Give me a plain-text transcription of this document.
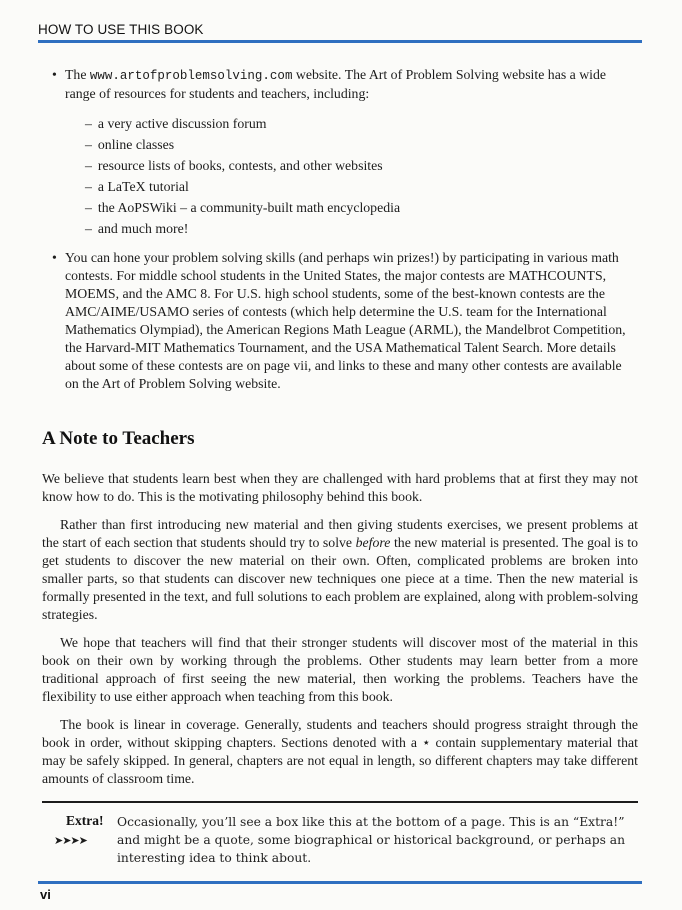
HOW TO USE THIS BOOK
• The www.artofproblemsolving.com website. The Art of Problem Solving website has a wide range of resources for students and teachers, including:
– a very active discussion forum
– online classes
– resource lists of books, contests, and other websites
– a LaTeX tutorial
– the AoPSWiki – a community-built math encyclopedia
– and much more!
• You can hone your problem solving skills (and perhaps win prizes!) by participating in various math contests. For middle school students in the United States, the major contests are MATHCOUNTS, MOEMS, and the AMC 8. For U.S. high school students, some of the best-known contests are the AMC/AIME/USAMO series of contests (which help determine the U.S. team for the International Mathematics Olympiad), the American Regions Math League (ARML), the Mandelbrot Competition, the Harvard-MIT Mathematics Tournament, and the USA Mathematical Talent Search. More details about some of these contests are on page vii, and links to these and many other contests are available on the Art of Problem Solving website.
A Note to Teachers

We believe that students learn best when they are challenged with hard problems that at first they may not know how to do. This is the motivating philosophy behind this book.

Rather than first introducing new material and then giving students exercises, we present problems at the start of each section that students should try to solve before the new material is presented. The goal is to get students to discover the new material on their own. Often, complicated problems are broken into smaller parts, so that students can discover new techniques one piece at a time. Then the new material is formally presented in the text, and full solutions to each problem are explained, along with problem-solving strategies.

We hope that teachers will find that their stronger students will discover most of the material in this book on their own by working through the problems. Other students may learn better from a more traditional approach of first seeing the new material, then working the problems. Teachers have the flexibility to use either approach when teaching from this book.

The book is linear in coverage. Generally, students and teachers should progress straight through the book in order, without skipping chapters. Sections denoted with a ⋆ contain supplementary material that may be safely skipped. In general, chapters are not equal in length, so different chapters may take different amounts of classroom time.

Extra!
➤➤➤➤
Occasionally, you’ll see a box like this at the bottom of a page. This is an “Extra!” and might be a quote, some biographical or historical background, or perhaps an interesting idea to think about.
vi
